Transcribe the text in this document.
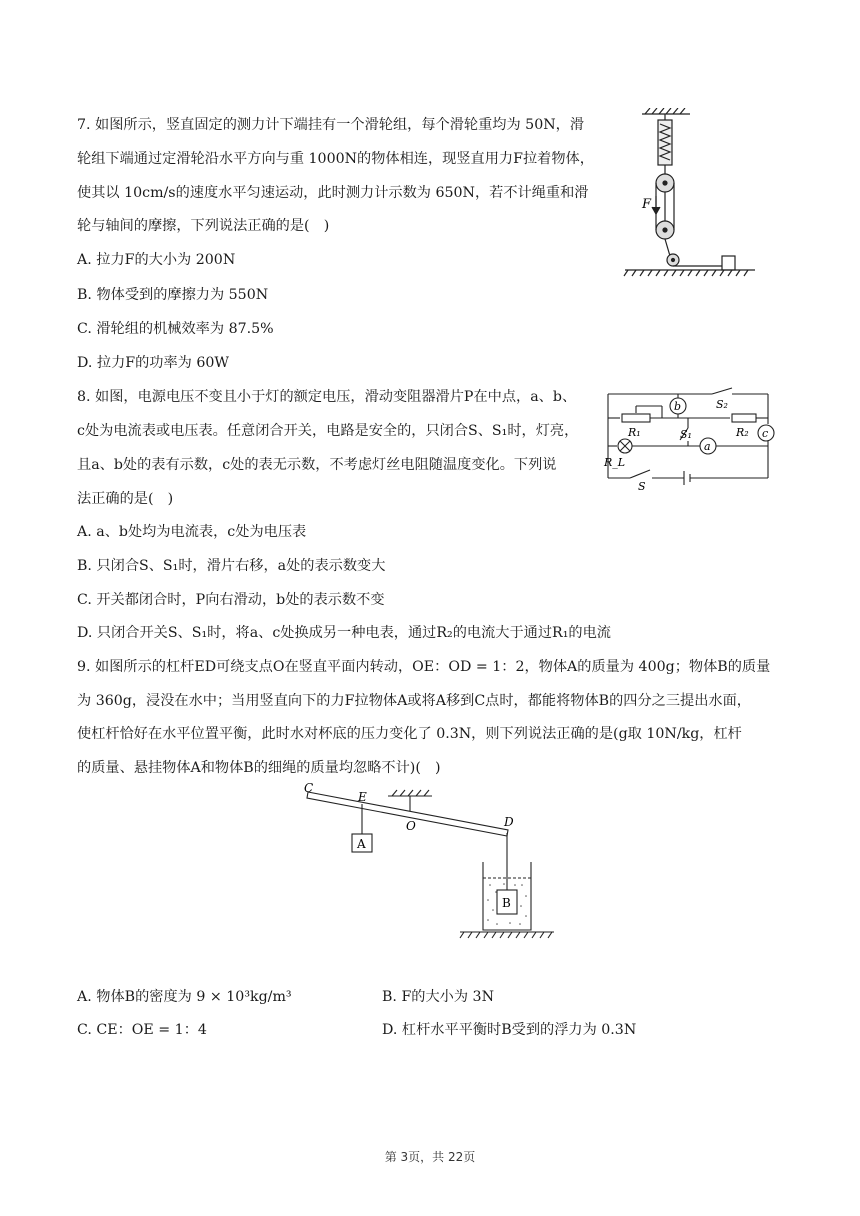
7. 如图所示，竖直固定的测力计下端挂有一个滑轮组，每个滑轮重均为 50N，滑
轮组下端通过定滑轮沿水平方向与重 1000N的物体相连，现竖直用力F拉着物体，
使其以 10cm/s的速度水平匀速运动，此时测力计示数为 650N，若不计绳重和滑
轮与轴间的摩擦，下列说法正确的是(　)
A. 拉力F的大小为 200N
B. 物体受到的摩擦力为 550N
C. 滑轮组的机械效率为 87.5%
D. 拉力F的功率为 60W
F
8. 如图，电源电压不变且小于灯的额定电压，滑动变阻器滑片P在中点，a、b、
c处为电流表或电压表。任意闭合开关，电路是安全的，只闭合S、S₁时，灯亮，
且a、b处的表有示数，c处的表无示数，不考虑灯丝电阻随温度变化。下列说
法正确的是(　)
A. a、b处均为电流表，c处为电压表
B. 只闭合S、S₁时，滑片右移，a处的表示数变大
C. 开关都闭合时，P向右滑动，b处的表示数不变
D. 只闭合开关S、S₁时，将a、c处换成另一种电表，通过R₂的电流大于通过R₁的电流
S₂
b
R₁	S₁
a
R₂ c
R_L
S
9. 如图所示的杠杆ED可绕支点O在竖直平面内转动，OE：OD = 1：2，物体A的质量为 400g；物体B的质量
为 360g，浸没在水中；当用竖直向下的力F拉物体A或将A移到C点时，都能将物体B的四分之三提出水面，
使杠杆恰好在水平位置平衡，此时水对杯底的压力变化了 0.3N，则下列说法正确的是(g取 10N/kg，杠杆
的质量、悬挂物体A和物体B的细绳的质量均忽略不计)(　)
C
E
O	D
A
B
A. 物体B的密度为 9 × 10³kg/m³	B. F的大小为 3N
C. CE：OE = 1：4	D. 杠杆水平平衡时B受到的浮力为 0.3N
第 3页，共 22页
